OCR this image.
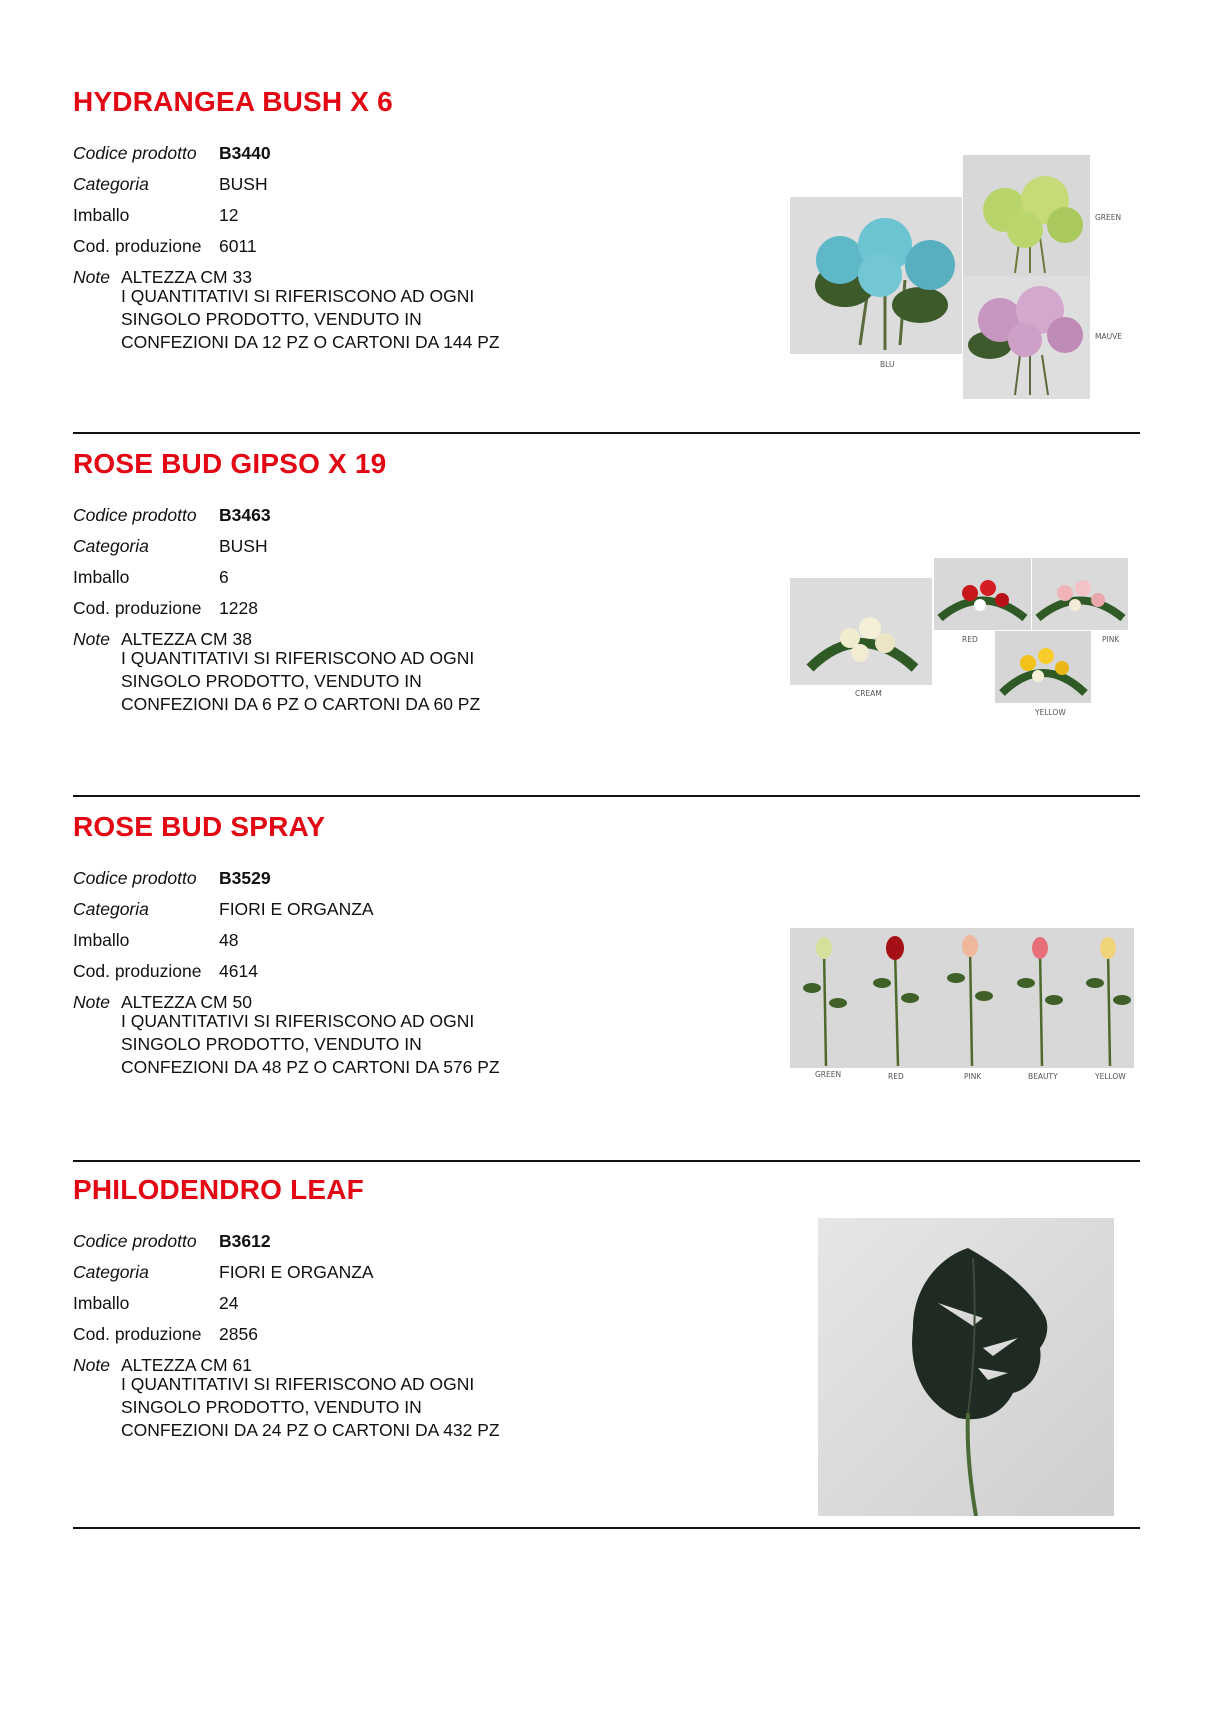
HYDRANGEA BUSH X 6
Codice prodotto	B3440
Categoria	BUSH
Imballo	12
Cod. produzione	6011
Note ALTEZZA CM 33
I QUANTITATIVI SI RIFERISCONO AD OGNI
SINGOLO PRODOTTO, VENDUTO IN
CONFEZIONI DA 12 PZ O CARTONI DA 144 PZ
BLU
GREEN
MAUVE
ROSE BUD GIPSO X 19
Codice prodotto	B3463
Categoria	BUSH
Imballo	6
Cod. produzione	1228
Note ALTEZZA CM 38
I QUANTITATIVI SI RIFERISCONO AD OGNI
SINGOLO PRODOTTO, VENDUTO IN
CONFEZIONI DA 6 PZ O CARTONI DA 60 PZ
CREAM
RED	PINK
YELLOW
ROSE BUD SPRAY
Codice prodotto	B3529
Categoria	FIORI E ORGANZA
Imballo	48
Cod. produzione	4614
Note ALTEZZA CM 50
I QUANTITATIVI SI RIFERISCONO AD OGNI
SINGOLO PRODOTTO, VENDUTO IN
CONFEZIONI DA 48 PZ O CARTONI DA 576 PZ	GREEN	RED	PINK	BEAUTY	YELLOW
PHILODENDRO LEAF
Codice prodotto	B3612
Categoria	FIORI E ORGANZA
Imballo	24
Cod. produzione	2856
Note ALTEZZA CM 61
I QUANTITATIVI SI RIFERISCONO AD OGNI
SINGOLO PRODOTTO, VENDUTO IN
CONFEZIONI DA 24 PZ O CARTONI DA 432 PZ
